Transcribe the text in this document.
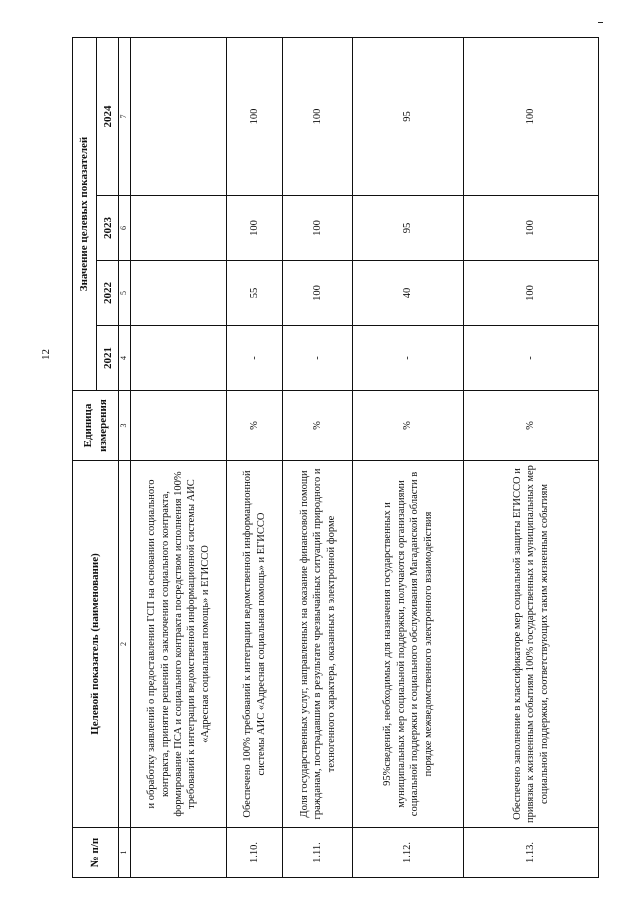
12
№ п/п	Целевой показатель (наименование)	Единица измерения	Значение целевых показателей			
			2021	2022	2023	2024
1	2	3	4	5	6	7
	и обработку заявлений о предоставлении ГСП на основании социального контракта, принятие решений о заключении социального контракта, формирование ПСА и социального контракта посредством исполнения 100% требований к интеграции ведомственной информационной системы АИС «Адресная социальная помощь» и ЕГИССО					
1.10.	Обеспечено 100% требований к интеграции ведомственной информационной системы АИС «Адресная социальная помощь» и ЕГИССО	%	-	55	100	100
1.11.	Доля государственных услуг, направленных на оказание финансовой помощи гражданам, пострадавшим в результате чрезвычайных ситуаций природного и техногенного характера, оказанных в электронной форме	%	-	100	100	100
1.12.	95%сведений, необходимых для назначения государственных и муниципальных мер социальной поддержки, получаются организациями социальной поддержки и социального обслуживания Магаданской области в порядке межведомственного электронного взаимодействия	%	-	40	95	95
1.13.	Обеспечено заполнение в классификаторе мер социальной защиты ЕГИССО и привязка к жизненным событиям 100% государственных и муниципальных мер социальной поддержки, соответствующих таким жизненным событиям	%	-	100	100	100
